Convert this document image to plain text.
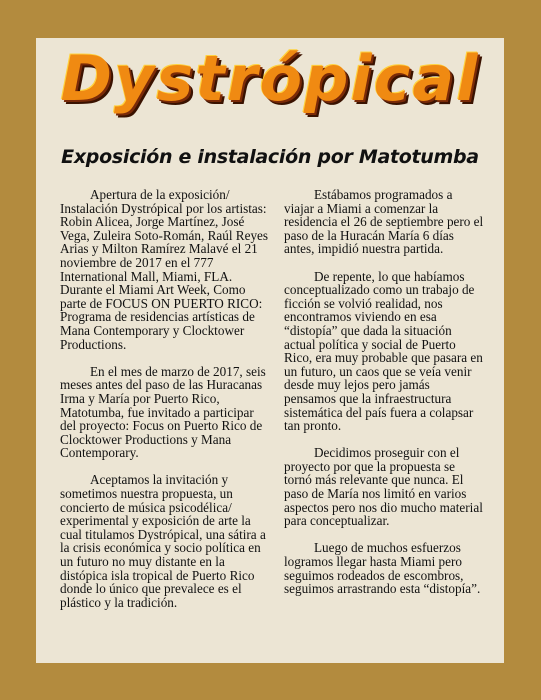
Dystrópical
Exposición e instalación por Matotumba

Apertura de la exposición/ Instalación Dystrópical por los artistas: Robin Alicea, Jorge Martínez, José Vega, Zuleira Soto-Román, Raúl Reyes Arias y Milton Ramírez Malavé el 21 noviembre de 2017 en el 777 International Mall, Miami, FLA. Durante el Miami Art Week, Como parte de FOCUS ON PUERTO RICO: Programa de residencias artísticas de Mana Contemporary y Clocktower Productions.

En el mes de marzo de 2017, seis meses antes del paso de las Huracanas Irma y María por Puerto Rico, Matotumba, fue invitado a participar del proyecto: Focus on Puerto Rico de Clocktower Productions y Mana Contemporary.

Aceptamos la invitación y sometimos nuestra propuesta, un concierto de música psicodélica/ experimental y exposición de arte la cual titulamos Dystrópical, una sátira a la crisis económica y socio política en un futuro no muy distante en la distópica isla tropical de Puerto Rico donde lo único que prevalece es el plástico y la tradición.

Estábamos programados a viajar a Miami a comenzar la residencia el 26 de septiembre pero el paso de la Huracán María 6 días antes, impidió nuestra partida.

De repente, lo que habíamos conceptualizado como un trabajo de ficción se volvió realidad, nos encontramos viviendo en esa “distopía” que dada la situación actual política y social de Puerto Rico, era muy probable que pasara en un futuro, un caos que se veía venir desde muy lejos pero jamás pensamos que la infraestructura sistemática del país fuera a colapsar tan pronto.

Decidimos proseguir con el proyecto por que la propuesta se tornó más relevante que nunca. El paso de María nos limitó en varios aspectos pero nos dio mucho material para conceptualizar.

Luego de muchos esfuerzos logramos llegar hasta Miami pero seguimos rodeados de escombros, seguimos arrastrando esta “distopía”.
